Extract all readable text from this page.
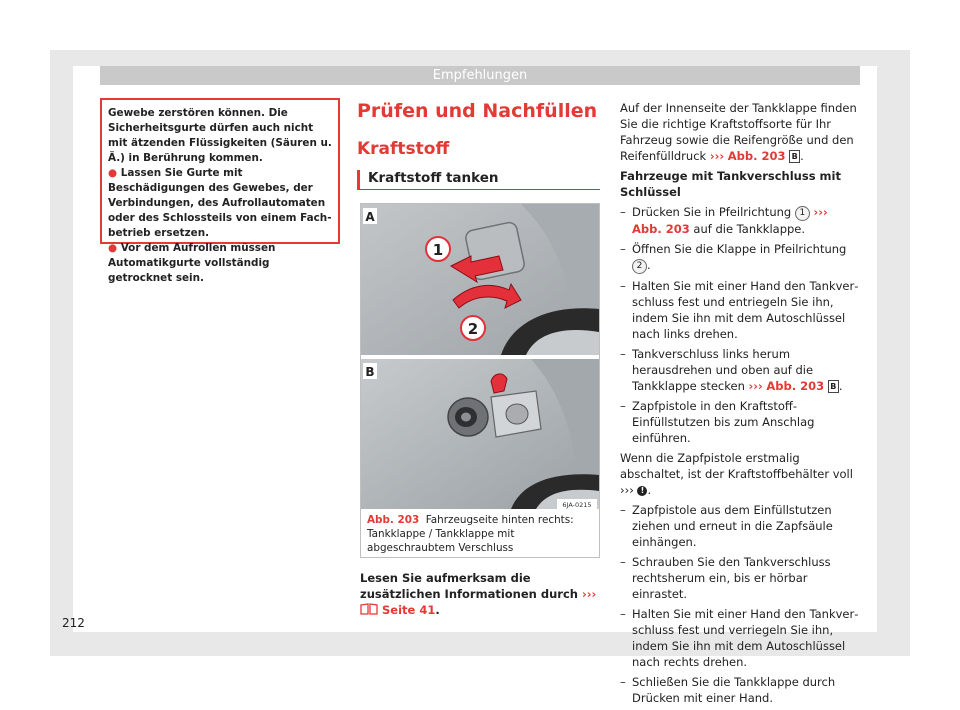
Empfehlungen

Gewebe zerstören können. Die Sicherheitsgurte dürfen auch nicht mit ätzenden Flüssigkeiten (Säuren u. Ä.) in Berührung kommen.

● Lassen Sie Gurte mit Beschädigungen des Gewebes, der Verbindungen, des Aufrollautomaten oder des Schlossteils von einem Fachbetrieb ersetzen.
● Vor dem Aufrollen müssen Automatikgurte vollständig getrocknet sein.
Prüfen und Nachfüllen
Kraftstoff
Kraftstoff tanken
A
1
2
B
6JA-0215
Abb. 203 Fahrzeugseite hinten rechts: Tankklappe / Tankklappe mit abgeschraubtem Verschluss
Lesen Sie aufmerksam die zusätzlichen Informationen durch ›››  Seite 41.

Auf der Innenseite der Tankklappe finden Sie die richtige Kraftstoffsorte für Ihr Fahrzeug sowie die Reifengröße und den Reifenfülldruck ››› Abb. 203 B .

Fahrzeuge mit Tankverschluss mit Schlüssel

– Drücken Sie in Pfeilrichtung 1 ››› Abb. 203 auf die Tankklappe.
– Öffnen Sie die Klappe in Pfeilrichtung 2 .
– Halten Sie mit einer Hand den Tankverschluss fest und entriegeln Sie ihn, indem Sie ihn mit dem Autoschlüssel nach links drehen.
– Tankverschluss links herum herausdrehen und oben auf die Tankklappe stecken ››› Abb. 203 B .
– Zapfpistole in den Kraftstoff-Einfüllstutzen bis zum Anschlag einführen.

Wenn die Zapfpistole erstmalig abschaltet, ist der Kraftstoffbehälter voll ››› ! .

– Zapfpistole aus dem Einfüllstutzen ziehen und erneut in die Zapfsäule einhängen.
– Schrauben Sie den Tankverschluss rechtsherum ein, bis er hörbar einrastet.
– Halten Sie mit einer Hand den Tankverschluss fest und verriegeln Sie ihn, indem Sie ihn mit dem Autoschlüssel nach rechts drehen.
– Schließen Sie die Tankklappe durch Drücken mit einer Hand.
212
